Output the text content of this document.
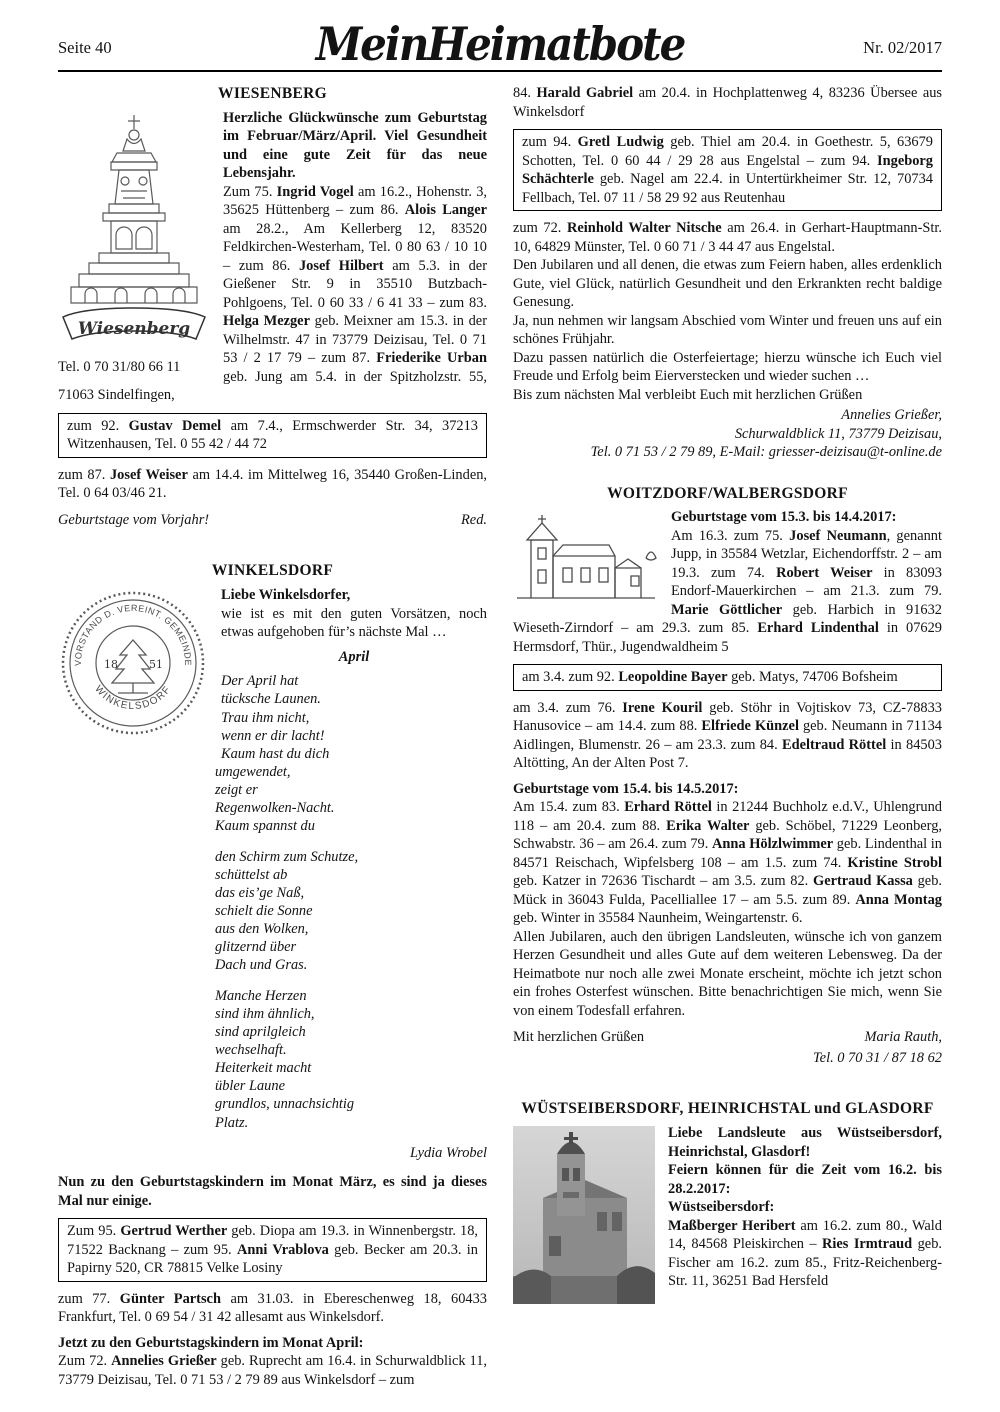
Seite 40	MeinHeimatbote	Nr. 02/2017
WIESENBERG
Wiesenberg
Tel. 0 70 31/80 66 11

Herzliche Glückwünsche zum Geburtstag im Februar/März/April. Viel Gesundheit und eine gute Zeit für das neue Lebensjahr.

Zum 75. Ingrid Vogel am 16.2., Hohenstr. 3, 35625 Hüttenberg – zum 86. Alois Langer am 28.2., Am Kellerberg 12, 83520 Feldkirchen-Westerham, Tel. 0 80 63 / 10 10 – zum 86. Josef Hilbert am 5.3. in der Gießener Str. 9 in 35510 Butzbach-Pohlgoens, Tel. 0 60 33 / 6 41 33 – zum 83. Helga Mezger geb. Meixner am 15.3. in der Wilhelmstr. 47 in 73779 Deizisau, Tel. 0 71 53 / 2 17 79 – zum 87. Friederike Urban geb. Jung am 5.4. in der Spitzholzstr. 55, 71063 Sindelfingen,

zum 92. Gustav Demel am 7.4., Ermschwerder Str. 34, 37213 Witzenhausen, Tel. 0 55 42 / 44 72

zum 87. Josef Weiser am 14.4. im Mittelweg 16, 35440 Großen-Linden, Tel. 0 64 03/46 21.

Geburtstage vom Vorjahr!	Red.
WINKELSDORF
VORSTAND D. VEREINT. GEMEINDE
WINKELSDORF
18	51

Liebe Winkelsdorfer,

wie ist es mit den guten Vorsätzen, noch etwas aufgehoben für’s nächste Mal …

April

Der April hat
tücksche Launen.
Trau ihm nicht,
wenn er dir lacht!
Kaum hast du dich
umgewendet,
zeigt er
Regenwolken-Nacht.
Kaum spannst du

den Schirm zum Schutze,
schüttelst ab
das eis’ge Naß,
schielt die Sonne
aus den Wolken,
glitzernd über
Dach und Gras.

Manche Herzen
sind ihm ähnlich,
sind aprilgleich
wechselhaft.
Heiterkeit macht
übler Laune
grundlos, unnachsichtig
Platz.

Lydia Wrobel

Nun zu den Geburtstagskindern im Monat März, es sind ja dieses Mal nur einige.

Zum 95. Gertrud Werther geb. Diopa am 19.3. in Winnenbergstr. 18, 71522 Backnang – zum 95. Anni Vrablova geb. Becker am 20.3. in Papirny 520, CR 78815 Velke Losiny

zum 77. Günter Partsch am 31.03. in Ebereschenweg 18, 60433 Frankfurt, Tel. 0 69 54 / 31 42 allesamt aus Winkelsdorf.

Jetzt zu den Geburtstagskindern im Monat April:

Zum 72. Annelies Grießer geb. Ruprecht am 16.4. in Schurwaldblick 11, 73779 Deizisau, Tel. 0 71 53 / 2 79 89 aus Winkelsdorf – zum

84. Harald Gabriel am 20.4. in Hochplattenweg 4, 83236 Übersee aus Winkelsdorf

zum 94. Gretl Ludwig geb. Thiel am 20.4. in Goethestr. 5, 63679 Schotten, Tel. 0 60 44 / 29 28 aus Engelstal – zum 94. Ingeborg Schächterle geb. Nagel am 22.4. in Untertürkheimer Str. 12, 70734 Fellbach, Tel. 07 11 / 58 29 92 aus Reutenhau

zum 72. Reinhold Walter Nitsche am 26.4. in Gerhart-Hauptmann-Str. 10, 64829 Münster, Tel. 0 60 71 / 3 44 47 aus Engelstal.

Den Jubilaren und all denen, die etwas zum Feiern haben, alles erdenklich Gute, viel Glück, natürlich Gesundheit und den Erkrankten recht baldige Genesung.

Ja, nun nehmen wir langsam Abschied vom Winter und freuen uns auf ein schönes Frühjahr.

Dazu passen natürlich die Osterfeiertage; hierzu wünsche ich Euch viel Freude und Erfolg beim Eierverstecken und wieder suchen …

Bis zum nächsten Mal verbleibt Euch mit herzlichen Grüßen

Annelies Grießer,
Schurwaldblick 11, 73779 Deizisau,
Tel. 0 71 53 / 2 79 89, E-Mail: griesser-deizisau@t-online.de
WOITZDORF/WALBERGSDORF

Geburtstage vom 15.3. bis 14.4.2017:

Am 16.3. zum 75. Josef Neumann, genannt Jupp, in 35584 Wetzlar, Eichendorffstr. 2 – am 19.3. zum 74. Robert Weiser in 83093 Endorf-Mauerkirchen – am 21.3. zum 79. Marie Göttlicher geb. Harbich in 91632 Wieseth-Zirndorf – am 29.3. zum 85. Erhard Lindenthal in 07629 Hermsdorf, Thür., Jugendwaldheim 5

am 3.4. zum 92. Leopoldine Bayer geb. Matys, 74706 Bofsheim

am 3.4. zum 76. Irene Kouril geb. Stöhr in Vojtiskov 73, CZ-78833 Hanusovice – am 14.4. zum 88. Elfriede Künzel geb. Neumann in 71134 Aidlingen, Blumenstr. 26 – am 23.3. zum 84. Edeltraud Röttel in 84503 Altötting, An der Alten Post 7.

Geburtstage vom 15.4. bis 14.5.2017:

Am 15.4. zum 83. Erhard Röttel in 21244 Buchholz e.d.V., Uhlengrund 118 – am 20.4. zum 88. Erika Walter geb. Schöbel, 71229 Leonberg, Schwabstr. 36 – am 26.4. zum 79. Anna Hölzlwimmer geb. Lindenthal in 84571 Reischach, Wipfelsberg 108 – am 1.5. zum 74. Kristine Strobl geb. Katzer in 72636 Tischardt – am 3.5. zum 82. Gertraud Kassa geb. Mück in 36043 Fulda, Pacelliallee 17 – am 5.5. zum 89. Anna Montag geb. Winter in 35584 Naunheim, Weingartenstr. 6.

Allen Jubilaren, auch den übrigen Landsleuten, wünsche ich von ganzem Herzen Gesundheit und alles Gute auf dem weiteren Lebensweg. Da der Heimatbote nur noch alle zwei Monate erscheint, möchte ich jetzt schon ein frohes Osterfest wünschen. Bitte benachrichtigen Sie mich, wenn Sie von einem Todesfall erfahren.

Mit herzlichen Grüßen	Maria Rauth,
Tel. 0 70 31 / 87 18 62
WÜSTSEIBERSDORF, HEINRICHSTAL und GLASDORF

Liebe Landsleute aus Wüstseibersdorf, Heinrichstal, Glasdorf!

Feiern können für die Zeit vom 16.2. bis 28.2.2017:

Wüstseibersdorf:

Maßberger Heribert am 16.2. zum 80., Wald 14, 84568 Pleiskirchen – Ries Irmtraud geb. Fischer am 16.2. zum 85., Fritz-Reichenberg-Str. 11, 36251 Bad Hersfeld
